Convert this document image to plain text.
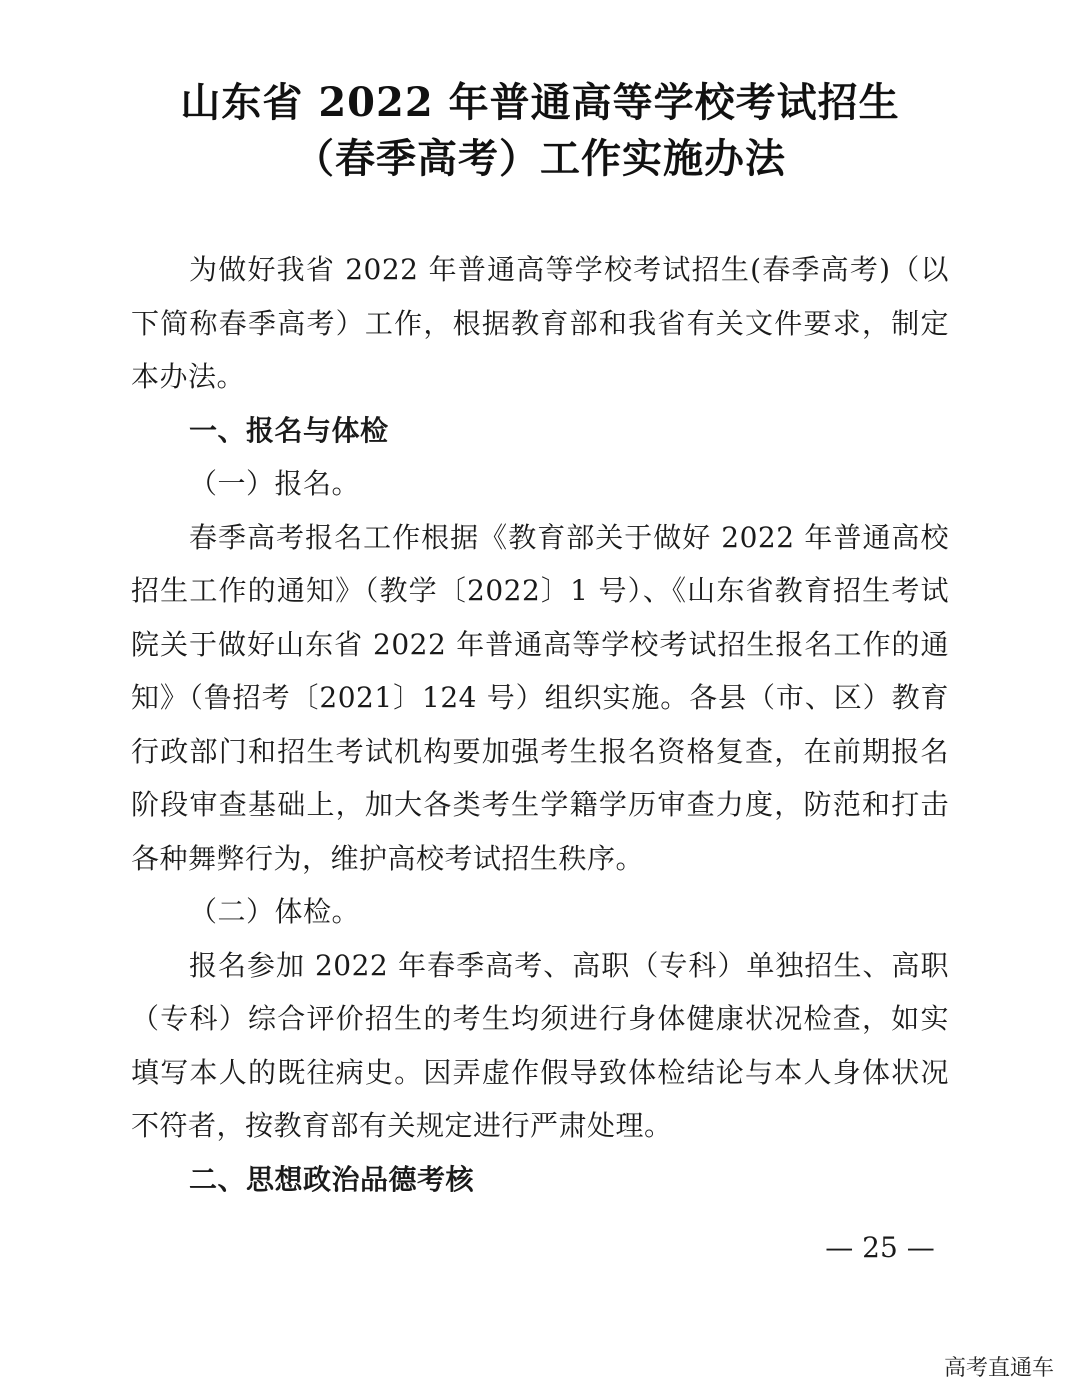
山东省 2022 年普通高等学校考试招生
（春季高考）工作实施办法

为做好我省 2022 年普通高等学校考试招生(春季高考)（以下简称春季高考）工作，根据教育部和我省有关文件要求，制定本办法。

一、报名与体检

（一）报名。

春季高考报名工作根据《教育部关于做好 2022 年普通高校招生工作的通知》（教学〔2022〕1 号）、《山东省教育招生考试院关于做好山东省 2022 年普通高等学校考试招生报名工作的通知》（鲁招考〔2021〕124 号）组织实施。各县（市、区）教育行政部门和招生考试机构要加强考生报名资格复查，在前期报名阶段审查基础上，加大各类考生学籍学历审查力度，防范和打击各种舞弊行为，维护高校考试招生秩序。

（二）体检。

报名参加 2022 年春季高考、高职（专科）单独招生、高职（专科）综合评价招生的考生均须进行身体健康状况检查，如实填写本人的既往病史。因弄虚作假导致体检结论与本人身体状况不符者，按教育部有关规定进行严肃处理。

二、思想政治品德考核

— 25 —
高考直通车
